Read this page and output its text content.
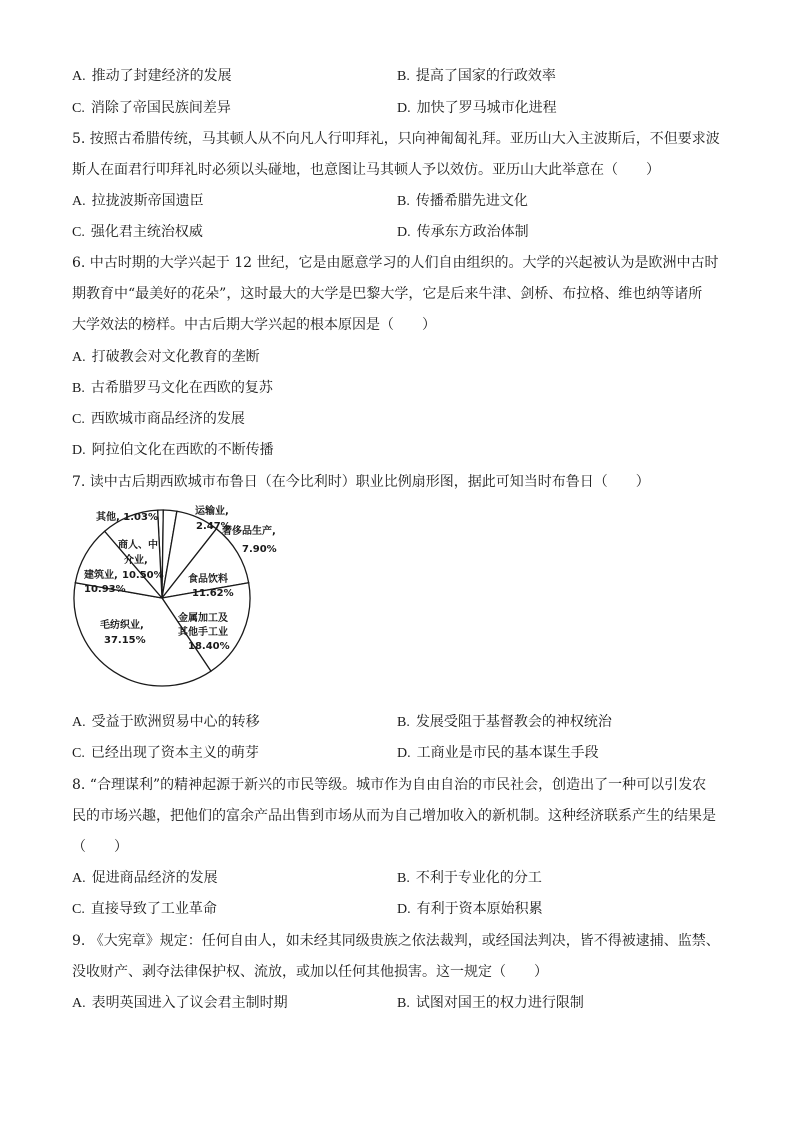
A. 推动了封建经济的发展	B. 提高了国家的行政效率
C. 消除了帝国民族间差异	D. 加快了罗马城市化进程
5. 按照古希腊传统，马其顿人从不向凡人行叩拜礼，只向神匍匐礼拜。亚历山大入主波斯后，不但要求波
斯人在面君行叩拜礼时必须以头碰地，也意图让马其顿人予以效仿。亚历山大此举意在（　　）
A. 拉拢波斯帝国遗臣	B. 传播希腊先进文化
C. 强化君主统治权威	D. 传承东方政治体制
6. 中古时期的大学兴起于 12 世纪，它是由愿意学习的人们自由组织的。大学的兴起被认为是欧洲中古时
期教育中“最美好的花朵”，这时最大的大学是巴黎大学，它是后来牛津、剑桥、布拉格、维也纳等诸所
大学效法的榜样。中古后期大学兴起的根本原因是（　　）
A. 打破教会对文化教育的垄断
B. 古希腊罗马文化在西欧的复苏
C. 西欧城市商品经济的发展
D. 阿拉伯文化在西欧的不断传播
7. 读中古后期西欧城市布鲁日（在今比利时）职业比例扇形图，据此可知当时布鲁日（　　）
其他, 1.03%
运输业,
2.47%
奢侈品生产,
7.90%
食品饮料
11.62%
金属加工及
其他手工业
18.40%
毛纺织业,
37.15%
建筑业,
10.93%
商人、中
介业,
10.50%
A. 受益于欧洲贸易中心的转移	B. 发展受阻于基督教会的神权统治
C. 已经出现了资本主义的萌芽	D. 工商业是市民的基本谋生手段
8. “合理谋利”的精神起源于新兴的市民等级。城市作为自由自治的市民社会，创造出了一种可以引发农
民的市场兴趣，把他们的富余产品出售到市场从而为自己增加收入的新机制。这种经济联系产生的结果是
（　　）
A. 促进商品经济的发展	B. 不利于专业化的分工
C. 直接导致了工业革命	D. 有利于资本原始积累
9. 《大宪章》规定：任何自由人，如未经其同级贵族之依法裁判，或经国法判决，皆不得被逮捕、监禁、
没收财产、剥夺法律保护权、流放，或加以任何其他损害。这一规定（　　）
A. 表明英国进入了议会君主制时期	B. 试图对国王的权力进行限制
